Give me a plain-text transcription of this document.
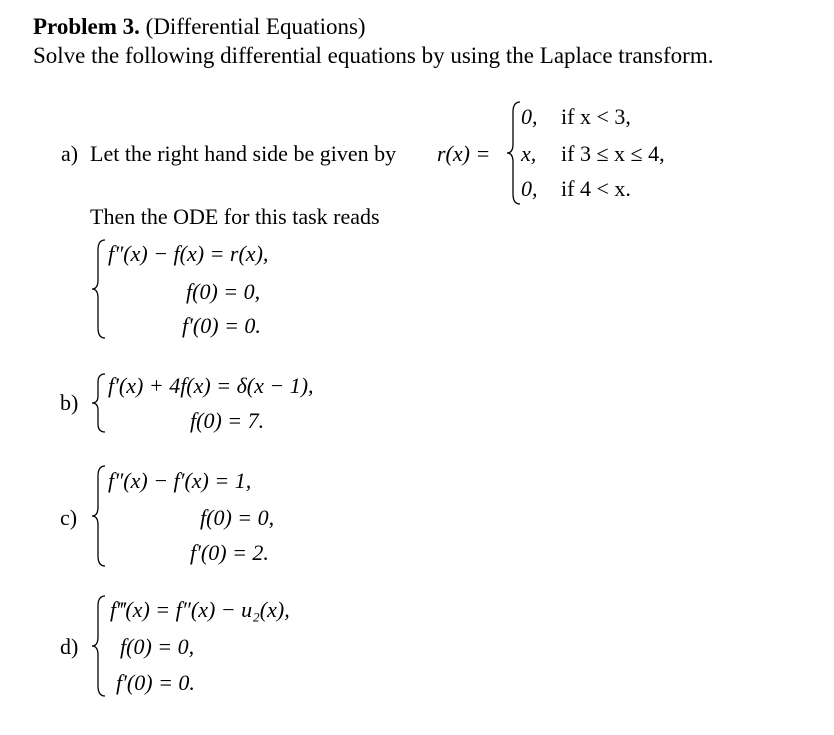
Problem 3. (Differential Equations)
Solve the following differential equations by using the Laplace transform.
a) Let the right hand side be given by r(x) =
0, if x < 3,
x, if 3 ≤ x ≤ 4,
0, if 4 < x.
Then the ODE for this task reads
f″(x) − f(x) = r(x),
f(0) = 0,
f′(0) = 0.
b)
f′(x) + 4f(x) = δ(x − 1),
f(0) = 7.
c)
f″(x) − f′(x) = 1,
f(0) = 0,
f′(0) = 2.
d)
f‴(x) = f″(x) − u₂(x),
f(0) = 0,
f′(0) = 0.
